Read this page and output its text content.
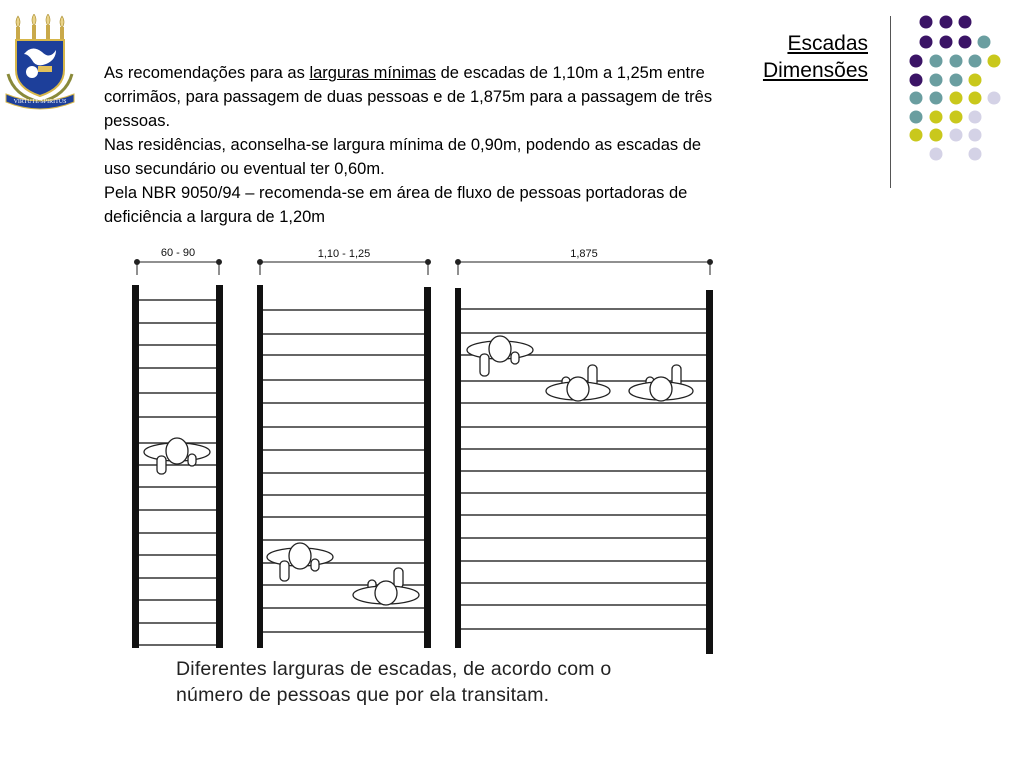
VIRTUTE SPIRITUS
Escadas
Dimensões

As recomendações para as larguras mínimas de escadas de 1,10m a 1,25m entre corrimãos, para passagem de duas pessoas e de 1,875m para a passagem de três pessoas.

Nas residências, aconselha-se largura mínima de 0,90m, podendo as escadas de uso secundário ou eventual ter 0,60m.

Pela NBR 9050/94 – recomenda-se em área de fluxo de pessoas portadoras de deficiência a largura de 1,20m

60 - 90	1,10 - 1,25	1,875
Diferentes larguras de escadas, de acordo com o
número de pessoas que por ela transitam.
